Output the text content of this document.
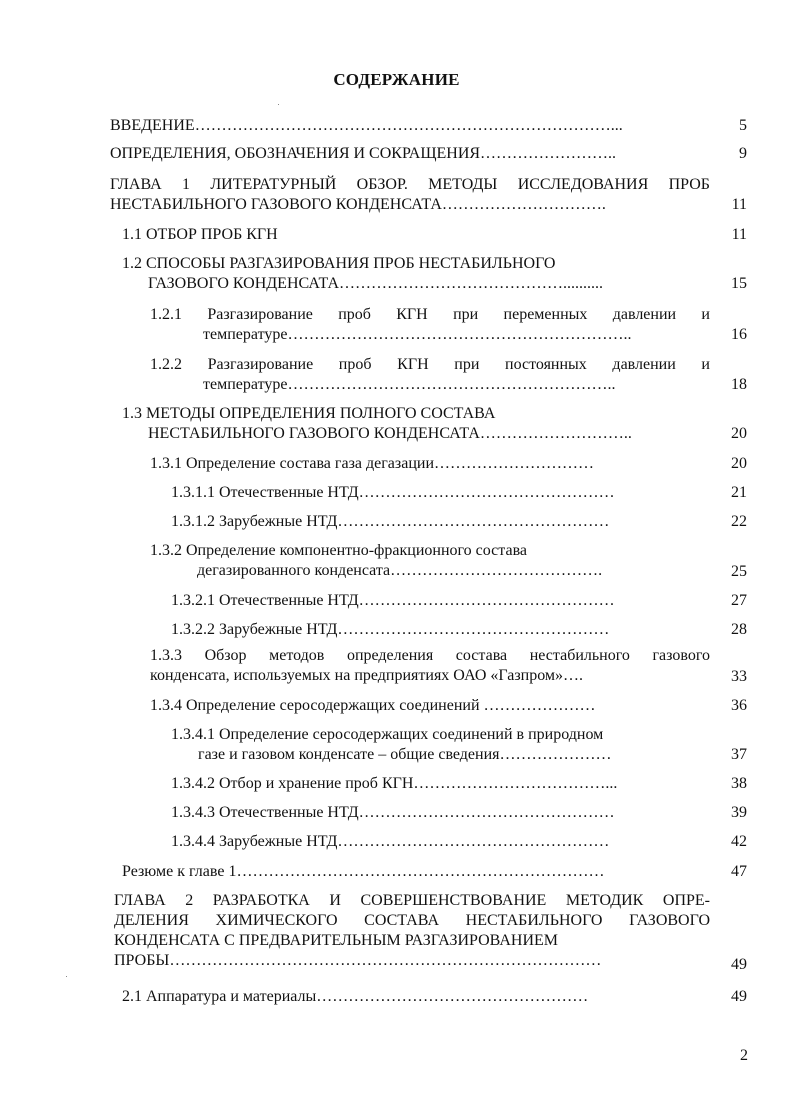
СОДЕРЖАНИЕ
ВВЕДЕНИЕ……………………………………………………………………...	5
ОПРЕДЕЛЕНИЯ, ОБОЗНАЧЕНИЯ И СОКРАЩЕНИЯ……………………..	9
ГЛАВА 1 ЛИТЕРАТУРНЫЙ ОБЗОР. МЕТОДЫ ИССЛЕДОВАНИЯ ПРОБ
НЕСТАБИЛЬНОГО ГАЗОВОГО КОНДЕНСАТА………………………….	11
1.1 ОТБОР ПРОБ КГН	11
1.2 СПОСОБЫ РАЗГАЗИРОВАНИЯ ПРОБ НЕСТАБИЛЬНОГО
ГАЗОВОГО КОНДЕНСАТА……………………………………..........	15
1.2.1 Разгазирование проб КГН при переменных давлении и
температуре………………………………………………………..	16
1.2.2 Разгазирование проб КГН при постоянных давлении и
температуре……………………………………………………..	18
1.3 МЕТОДЫ ОПРЕДЕЛЕНИЯ ПОЛНОГО СОСТАВА
НЕСТАБИЛЬНОГО ГАЗОВОГО КОНДЕНСАТА………………………..	20
1.3.1 Определение состава газа дегазации…………………………	20
1.3.1.1 Отечественные НТД…………………………………………	21
1.3.1.2 Зарубежные НТД……………………………………………	22
1.3.2 Определение компонентно-фракционного состава
дегазированного конденсата………………………………….	25
1.3.2.1 Отечественные НТД…………………………………………	27
1.3.2.2 Зарубежные НТД……………………………………………	28
1.3.3 Обзор методов определения состава нестабильного газового
конденсата, используемых на предприятиях ОАО «Газпром»….	33
1.3.4 Определение серосодержащих соединений …………………	36
1.3.4.1 Определение серосодержащих соединений в природном
газе и газовом конденсате – общие сведения…………………	37
1.3.4.2 Отбор и хранение проб КГН………………………………...	38
1.3.4.3 Отечественные НТД…………………………………………	39
1.3.4.4 Зарубежные НТД……………………………………………	42
Резюме к главе 1……………………………………………………………	47
ГЛАВА 2 РАЗРАБОТКА И СОВЕРШЕНСТВОВАНИЕ МЕТОДИК ОПРЕ-
ДЕЛЕНИЯ ХИМИЧЕСКОГО СОСТАВА НЕСТАБИЛЬНОГО ГАЗОВОГО
КОНДЕНСАТА С ПРЕДВАРИТЕЛЬНЫМ РАЗГАЗИРОВАНИЕМ
ПРОБЫ………………………………………………………………………	49
2.1 Аппаратура и материалы……………………………………………	49
2
